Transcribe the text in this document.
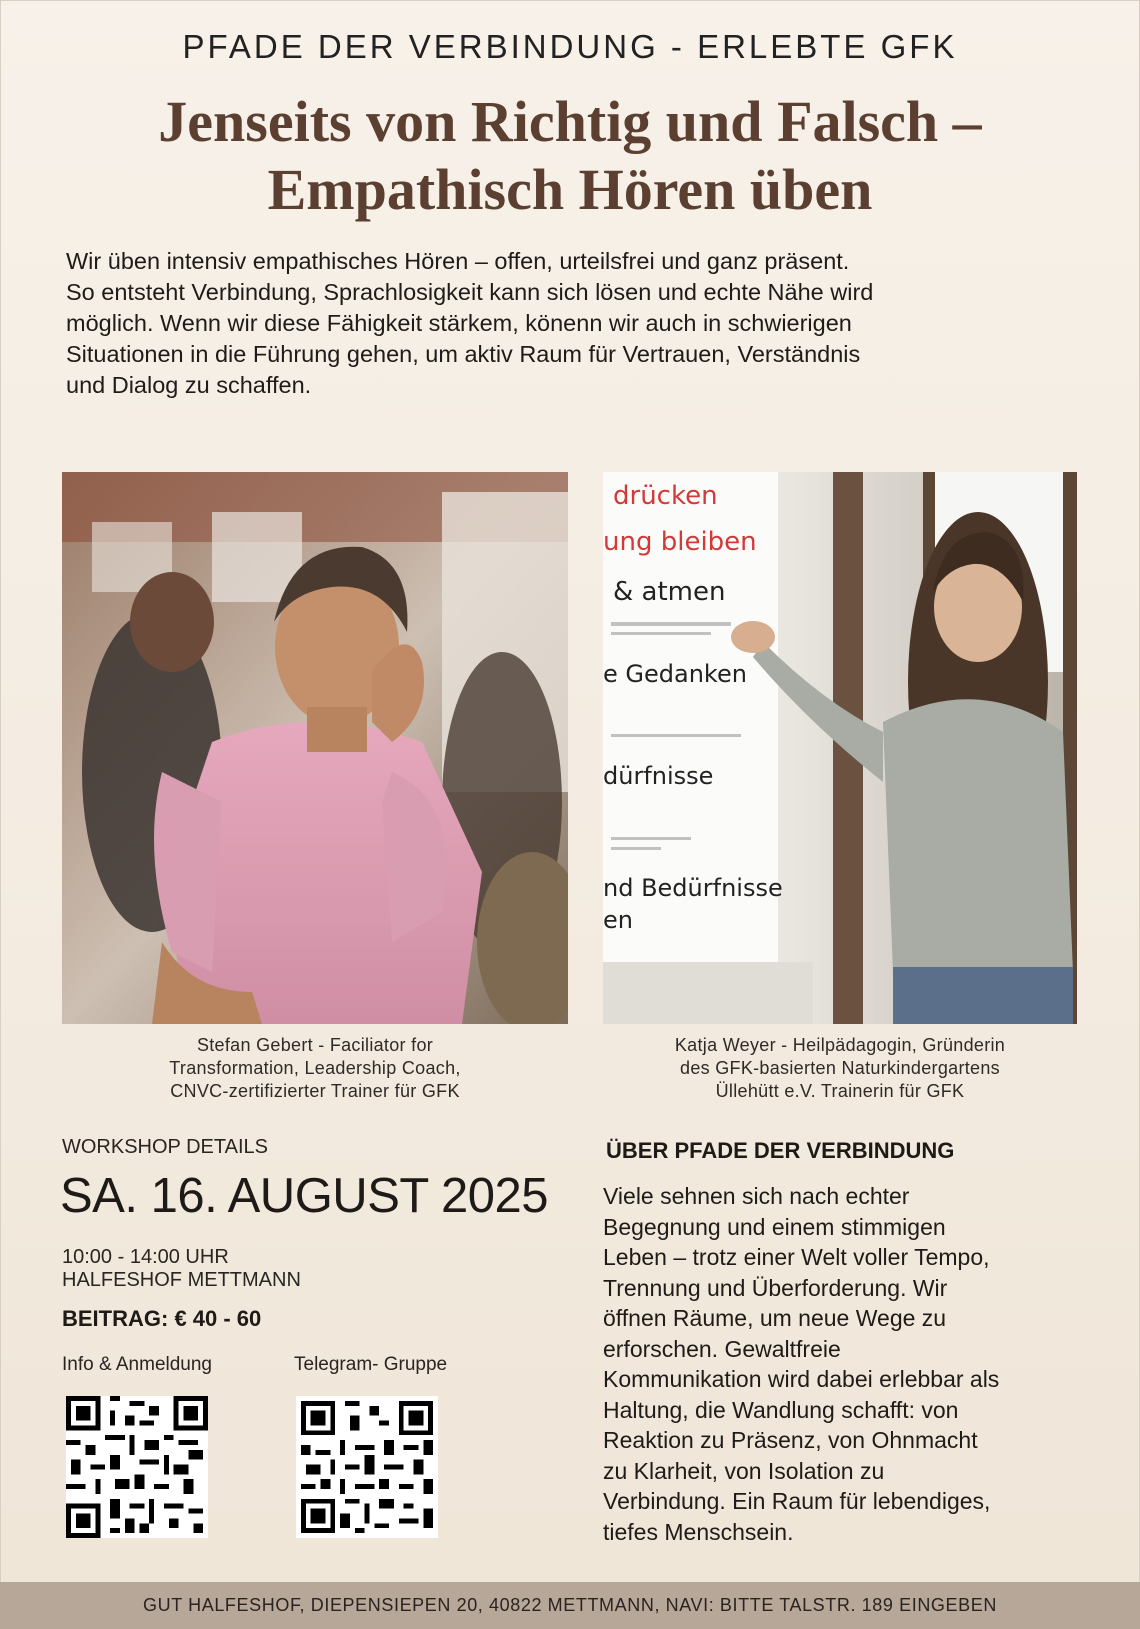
PFADE DER VERBINDUNG - ERLEBTE GFK
Jenseits von Richtig und Falsch –
Empathisch Hören üben
Wir üben intensiv empathisches Hören – offen, urteilsfrei und ganz präsent.
So entsteht Verbindung, Sprachlosigkeit kann sich lösen und echte Nähe wird
möglich. Wenn wir diese Fähigkeit stärkem, könenn wir auch in schwierigen
Situationen in die Führung gehen, um aktiv Raum für Vertrauen, Verständnis
und Dialog zu schaffen.
drücken
ung bleiben
& atmen
e Gedanken
dürfnisse
nd Bedürfnisse
en
Stefan Gebert - Faciliator for
Transformation, Leadership Coach,
CNVC-zertifizierter Trainer für GFK
Katja Weyer - Heilpädagogin, Gründerin
des GFK-basierten Naturkindergartens
Üllehütt e.V. Trainerin für GFK
WORKSHOP DETAILS
SA. 16. AUGUST 2025
10:00 - 14:00 UHR
HALFESHOF METTMANN
BEITRAG: € 40 - 60
Info & Anmeldung	Telegram- Gruppe
ÜBER PFADE DER VERBINDUNG
Viele sehnen sich nach echter
Begegnung und einem stimmigen
Leben – trotz einer Welt voller Tempo,
Trennung und Überforderung. Wir
öffnen Räume, um neue Wege zu
erforschen. Gewaltfreie
Kommunikation wird dabei erlebbar als
Haltung, die Wandlung schafft: von
Reaktion zu Präsenz, von Ohnmacht
zu Klarheit, von Isolation zu
Verbindung. Ein Raum für lebendiges,
tiefes Menschsein.
GUT HALFESHOF, DIEPENSIEPEN 20, 40822 METTMANN, NAVI: BITTE TALSTR. 189 EINGEBEN
